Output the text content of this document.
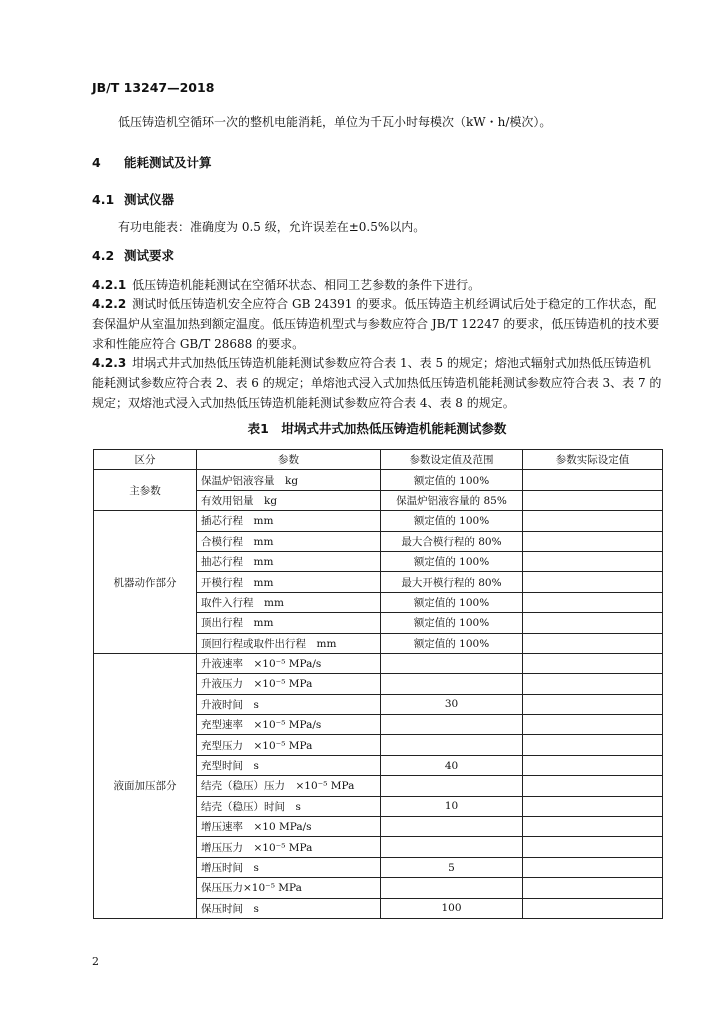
JB/T 13247—2018
低压铸造机空循环一次的整机电能消耗，单位为千瓦小时每模次（kW・h/模次）。
4 能耗测试及计算
4.1 测试仪器
有功电能表：准确度为 0.5 级，允许误差在±0.5%以内。
4.2 测试要求
4.2.1 低压铸造机能耗测试在空循环状态、相同工艺参数的条件下进行。
4.2.2 测试时低压铸造机安全应符合 GB 24391 的要求。低压铸造主机经调试后处于稳定的工作状态，配套保温炉从室温加热到额定温度。低压铸造机型式与参数应符合 JB/T 12247 的要求，低压铸造机的技术要求和性能应符合 GB/T 28688 的要求。
4.2.3 坩埚式井式加热低压铸造机能耗测试参数应符合表 1、表 5 的规定；熔池式辐射式加热低压铸造机能耗测试参数应符合表 2、表 6 的规定；单熔池式浸入式加热低压铸造机能耗测试参数应符合表 3、表 7 的规定；双熔池式浸入式加热低压铸造机能耗测试参数应符合表 4、表 8 的规定。
表1　坩埚式井式加热低压铸造机能耗测试参数
区分	参数	参数设定值及范围	参数实际设定值
主参数	保温炉铝液容量　kg	额定值的 100%	
	有效用铝量　kg	保温炉铝液容量的 85%	
机器动作部分	插芯行程　mm	额定值的 100%	
	合模行程　mm	最大合模行程的 80%	
	抽芯行程　mm	额定值的 100%	
	开模行程　mm	最大开模行程的 80%	
	取件入行程　mm	额定值的 100%	
	顶出行程　mm	额定值的 100%	
	顶回行程或取件出行程　mm	额定值的 100%	
液面加压部分	升液速率　×10⁻⁵ MPa/s		
	升液压力　×10⁻⁵ MPa		
	升液时间　s	30	
	充型速率　×10⁻⁵ MPa/s		
	充型压力　×10⁻⁵ MPa		
	充型时间　s	40	
	结壳（稳压）压力　×10⁻⁵ MPa		
	结壳（稳压）时间　s	10	
	增压速率　×10 MPa/s		
	增压压力　×10⁻⁵ MPa		
	增压时间　s	5	
	保压压力×10⁻⁵ MPa		
	保压时间　s	100	
2
